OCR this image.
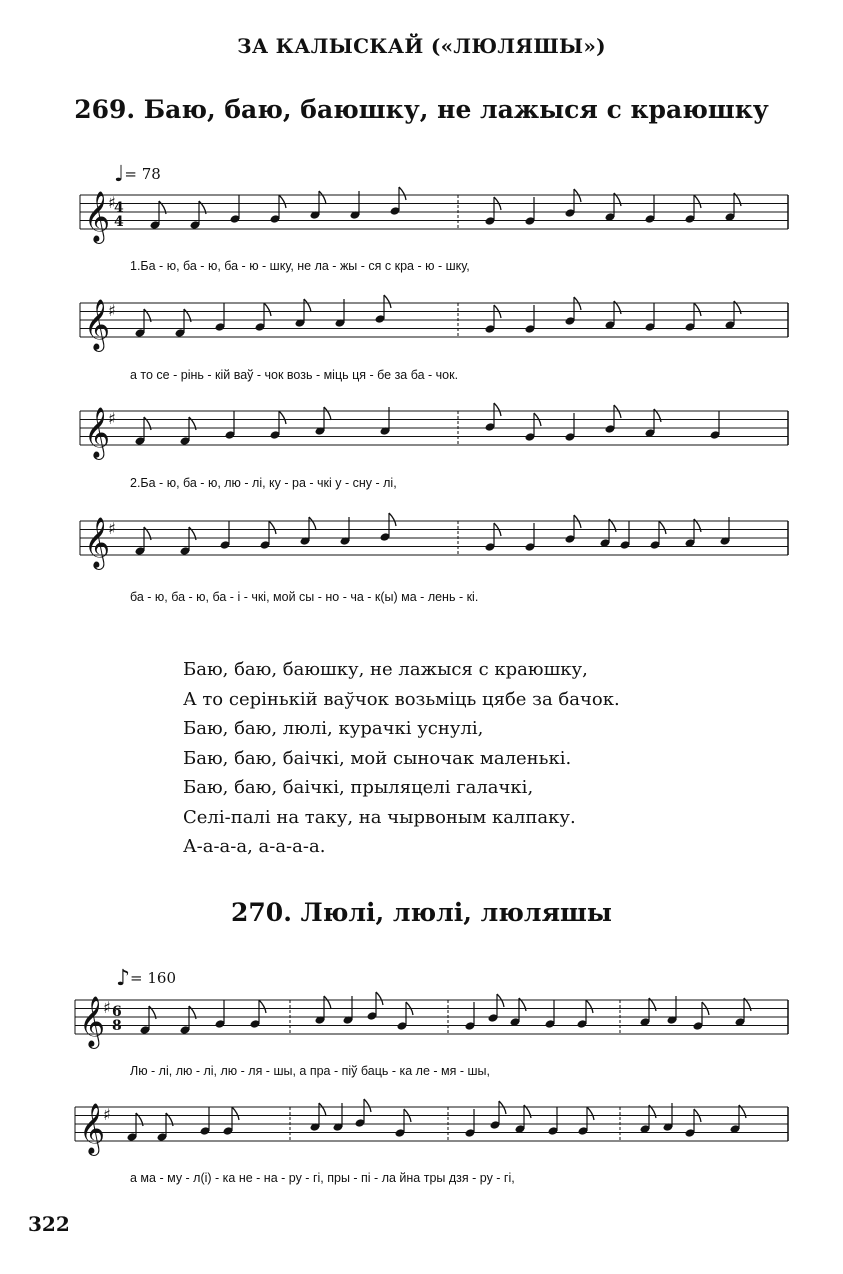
ЗА КАЛЫСКАЙ («ЛЮЛЯШЫ»)
269. Баю, баю, баюшку, не лажыся с краюшку
♩= 78
𝄞
♯
𝄞
♯
𝄞
♯
𝄞
♯
𝄞
♯
𝄞
♯
4
4
6
8
♪= 160
1.Ба - ю, ба - ю, ба - ю - шку, не ла - жы - ся с кра - ю - шку,
а то се - рінь - кій ваў - чок возь - міць ця - бе за ба - чок.
2.Ба - ю, ба - ю, лю - лі, ку - ра - чкі у - сну - лі,
ба - ю, ба - ю, ба - і - чкі, мой сы - но - ча - к(ы) ма - лень - кі.
Баю, баю, баюшку, не лажыся с краюшку,
А то серінькій ваўчок возьміць цябе за бачок.
Баю, баю, люлі, курачкі уснулі,
Баю, баю, баічкі, мой сыночак маленькі.
Баю, баю, баічкі, прыляцелі галачкі,
Селі-палі на таку, на чырвоным калпаку.
А-а-а-а, а-а-а-а.
270. Люлі, люлі, люляшы
Лю - лі, лю - лі, лю - ля - шы, а пра - піў баць - ка ле - мя - шы,
а ма - му - л(і) - ка не - на - ру - гі, пры - пі - ла йна тры дзя - ру - гі,
322
